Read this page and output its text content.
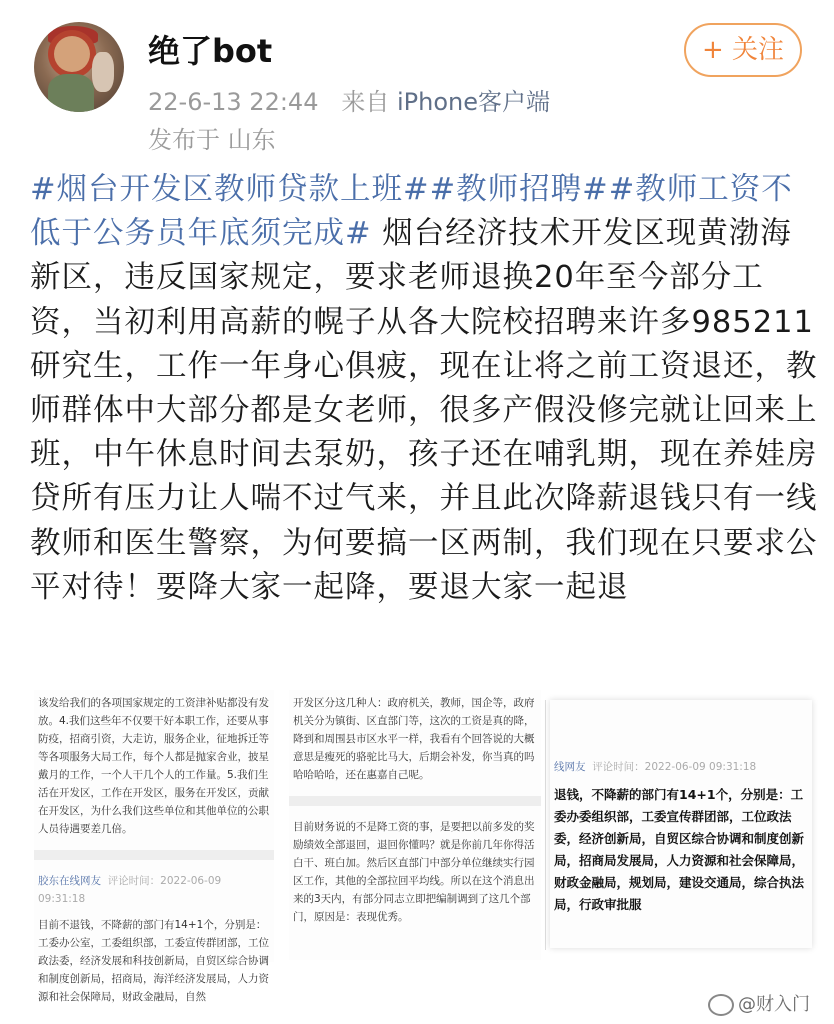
绝了bot
22-6-13 22:44 来自 iPhone客户端
发布于 山东
+ 关注
#烟台开发区教师贷款上班##教师招聘##教师工资不低于公务员年底须完成# 烟台经济技术开发区现黄渤海新区，违反国家规定，要求老师退换20年至今部分工资，当初利用高薪的幌子从各大院校招聘来许多985211研究生，工作一年身心俱疲，现在让将之前工资退还，教师群体中大部分都是女老师，很多产假没修完就让回来上班，中午休息时间去泵奶，孩子还在哺乳期，现在养娃房贷所有压力让人喘不过气来，并且此次降薪退钱只有一线教师和医生警察，为何要搞一区两制，我们现在只要求公平对待！要降大家一起降，要退大家一起退

该发给我们的各项国家规定的工资津补贴都没有发放。4.我们这些年不仅要干好本职工作，还要从事防疫，招商引资，大走访，服务企业，征地拆迁等等各项服务大局工作，每个人都是抛家舍业，披星戴月的工作，一个人干几个人的工作量。5.我们生活在开发区，工作在开发区，服务在开发区，贡献在开发区，为什么我们这些单位和其他单位的公职人员待遇要差几倍。

胶东在线网友 评论时间：2022-06-09 09:31:18

目前不退钱，不降薪的部门有14+1个，分别是：工委办公室，工委组织部，工委宣传群团部，工位政法委，经济发展和科技创新局，自贸区综合协调和制度创新局，招商局，海洋经济发展局，人力资源和社会保障局，财政金融局，自然

开发区分这几种人：政府机关，教师，国企等，政府机关分为镇街、区直部门等，这次的工资是真的降，降到和周围县市区水平一样，我看有个回答说的大概意思是瘦死的骆驼比马大，后期会补发，你当真的吗哈哈哈哈，还在惠嘉自己呢。

目前财务说的不是降工资的事，是要把以前多发的奖励绩效全部退回，退回你懂吗？就是你前几年你得活白干、班白加。然后区直部门中部分单位继续实行园区工作，其他的全部拉回平均线。所以在这个消息出来的3天内，有部分同志立即把编制调到了这几个部门，原因是：表现优秀。

线网友 评论时间：2022-06-09 09:31:18

退钱，不降薪的部门有14+1个，分别是：工委办委组织部，工委宣传群团部，工位政法委，经济创新局，自贸区综合协调和制度创新局，招商局发展局，人力资源和社会保障局，财政金融局，规划局，建设交通局，综合执法局，行政审批服

@财入门
